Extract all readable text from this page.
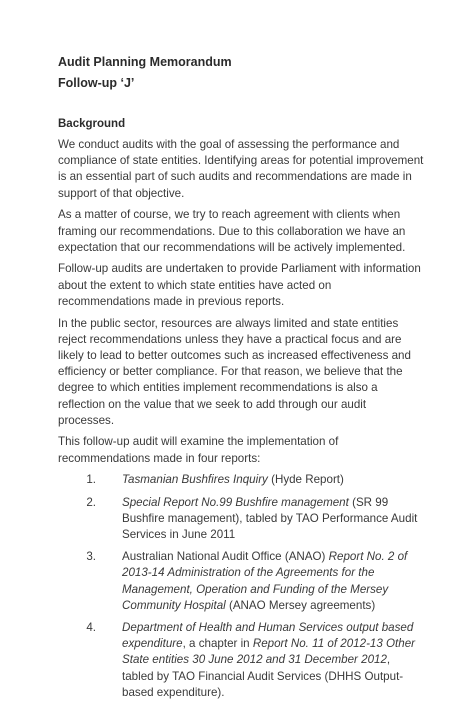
Audit Planning Memorandum
Follow-up ‘J’
Background

We conduct audits with the goal of assessing the performance and compliance of state entities. Identifying areas for potential improvement is an essential part of such audits and recommendations are made in support of that objective.

As a matter of course, we try to reach agreement with clients when framing our recommendations. Due to this collaboration we have an expectation that our recommendations will be actively implemented.

Follow-up audits are undertaken to provide Parliament with information about the extent to which state entities have acted on recommendations made in previous reports.

In the public sector, resources are always limited and state entities reject recommendations unless they have a practical focus and are likely to lead to better outcomes such as increased effectiveness and efficiency or better compliance. For that reason, we believe that the degree to which entities implement recommendations is also a reflection on the value that we seek to add through our audit processes.

This follow-up audit will examine the implementation of recommendations made in four reports:

1.	Tasmanian Bushfires Inquiry (Hyde Report)
2.	Special Report No.99 Bushfire management (SR 99 Bushfire management), tabled by TAO Performance Audit Services in June 2011
3.	Australian National Audit Office (ANAO) Report No. 2 of 2013-14 Administration of the Agreements for the Management, Operation and Funding of the Mersey Community Hospital (ANAO Mersey agreements)
4.	Department of Health and Human Services output based expenditure, a chapter in Report No. 11 of 2012-13 Other State entities 30 June 2012 and 31 December 2012, tabled by TAO Financial Audit Services (DHHS Output-based expenditure).
